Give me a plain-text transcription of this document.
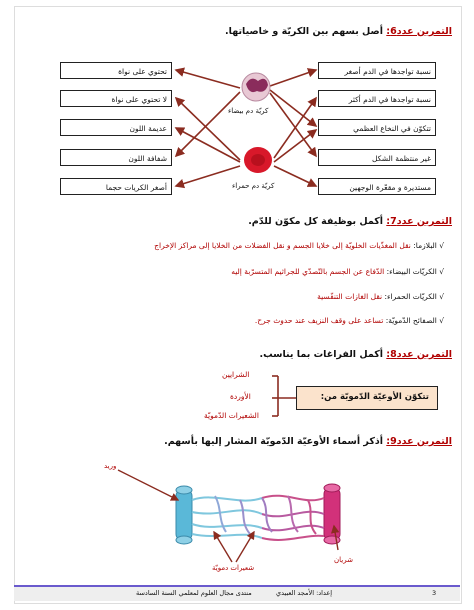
التمرين عدد6: أصل بسهم بين الكريّة و خاصياتها.
تحتوي على نواة
لا تحتوي على نواة
عديمة اللون
شفافة اللون
أصغر الكريات حجما
نسبة تواجدها في الدم أصغر
نسبة تواجدها في الدم أكثر
تتكوّن في النخاع العظمي
غير منتظمة الشكل
مستديرة و مقعّرة الوجهين
كريّة دم بيضاء
كريّة دم حمراء
التمرين عدد7: أكمل بوظيفة كل مكوّن للدّم.
√ البلازما: نقل المغذّيات الخلويّة إلى خلايا الجسم و نقل الفضلات من الخلايا إلى مراكز الإخراج
√ الكريّات البيضاء: الدّفاع عن الجسم بالتّصدّي للجراثيم المتسرّبة إليه
√ الكريّات الحمراء: نقل الغازات التنفّسية
√ الصفائح الدّمويّة: تساعد على وقف النزيف عند حدوث جرح.
التمرين عدد8: أكمل الفراغات بما يناسب.
تتكوّن الأوعيّة الدّمويّة من:
الشرايين
الأوردة
الشعيرات الدّمويّة
التمرين عدد9: أذكر أسماء الأوعيّة الدّمويّة المشار إليها بأسهم.
وريد
شريان
شعيرات دمويّة
إعداد: الأمجد العبيدي
منتدى مجال العلوم لمعلمي السنة السادسة	3
